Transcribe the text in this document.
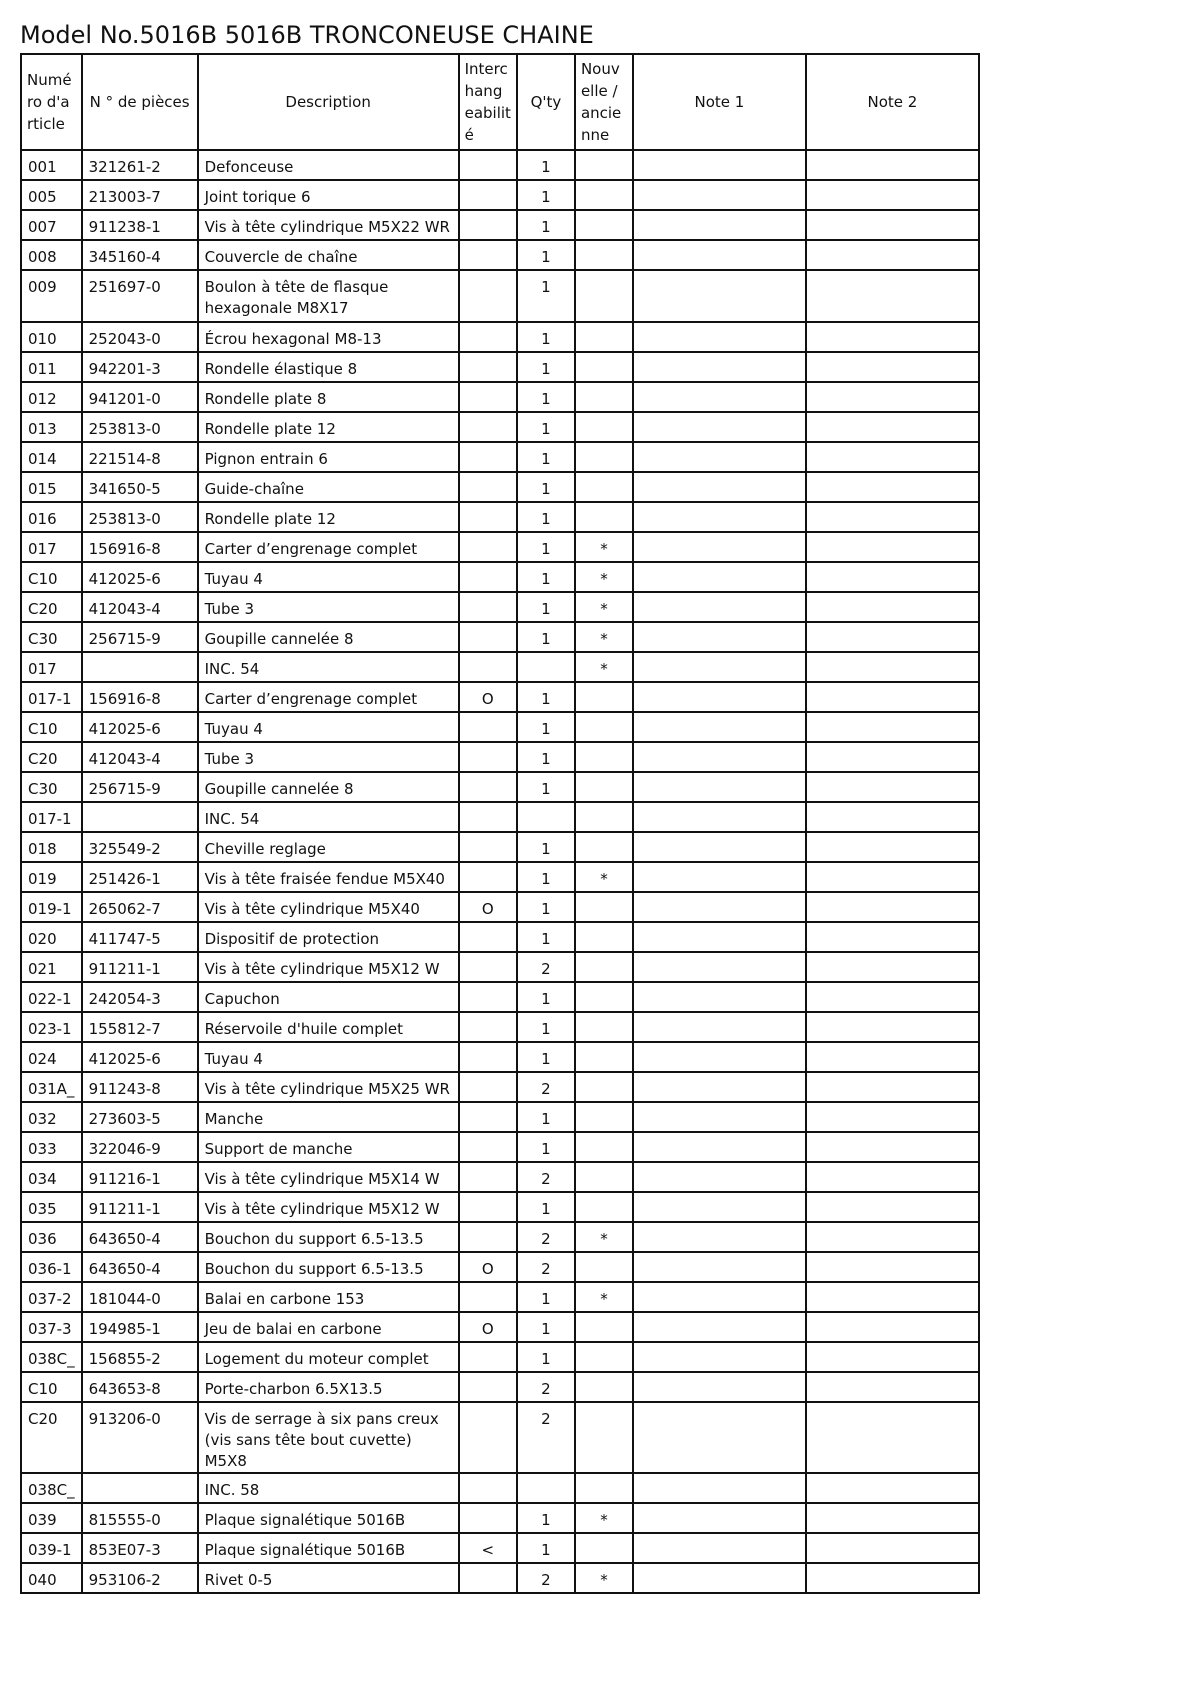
Model No.5016B 5016B TRONCONEUSE CHAINE
Numé ro d'a rticle	N ° de pièces	Description	Interc hang eabilit é	Q'ty	Nouv elle / ancie nne	Note 1	Note 2
001	321261-2	Defonceuse		1			
005	213003-7	Joint torique 6		1			
007	911238-1	Vis à tête cylindrique M5X22 WR		1			
008	345160-4	Couvercle de chaîne		1			
009	251697-0	Boulon à tête de flasque hexagonale M8X17		1			
010	252043-0	Écrou hexagonal M8-13		1			
011	942201-3	Rondelle élastique 8		1			
012	941201-0	Rondelle plate 8		1			
013	253813-0	Rondelle plate 12		1			
014	221514-8	Pignon entrain 6		1			
015	341650-5	Guide-chaîne		1			
016	253813-0	Rondelle plate 12		1			
017	156916-8	Carter d’engrenage complet		1	*		
C10	412025-6	Tuyau 4		1	*		
C20	412043-4	Tube 3		1	*		
C30	256715-9	Goupille cannelée 8		1	*		
017		INC. 54			*		
017-1	156916-8	Carter d’engrenage complet	O	1			
C10	412025-6	Tuyau 4		1			
C20	412043-4	Tube 3		1			
C30	256715-9	Goupille cannelée 8		1			
017-1		INC. 54					
018	325549-2	Cheville reglage		1			
019	251426-1	Vis à tête fraisée fendue M5X40		1	*		
019-1	265062-7	Vis à tête cylindrique M5X40	O	1			
020	411747-5	Dispositif de protection		1			
021	911211-1	Vis à tête cylindrique M5X12 W		2			
022-1	242054-3	Capuchon		1			
023-1	155812-7	Réservoile d'huile complet		1			
024	412025-6	Tuyau 4		1			
031A_	911243-8	Vis à tête cylindrique M5X25 WR		2			
032	273603-5	Manche		1			
033	322046-9	Support de manche		1			
034	911216-1	Vis à tête cylindrique M5X14 W		2			
035	911211-1	Vis à tête cylindrique M5X12 W		1			
036	643650-4	Bouchon du support 6.5-13.5		2	*		
036-1	643650-4	Bouchon du support 6.5-13.5	O	2			
037-2	181044-0	Balai en carbone 153		1	*		
037-3	194985-1	Jeu de balai en carbone	O	1			
038C_	156855-2	Logement du moteur complet		1			
C10	643653-8	Porte-charbon 6.5X13.5		2			
C20	913206-0	Vis de serrage à six pans creux (vis sans tête bout cuvette) M5X8		2			
038C_		INC. 58					
039	815555-0	Plaque signalétique 5016B		1	*		
039-1	853E07-3	Plaque signalétique 5016B	<	1			
040	953106-2	Rivet 0-5		2	*		
